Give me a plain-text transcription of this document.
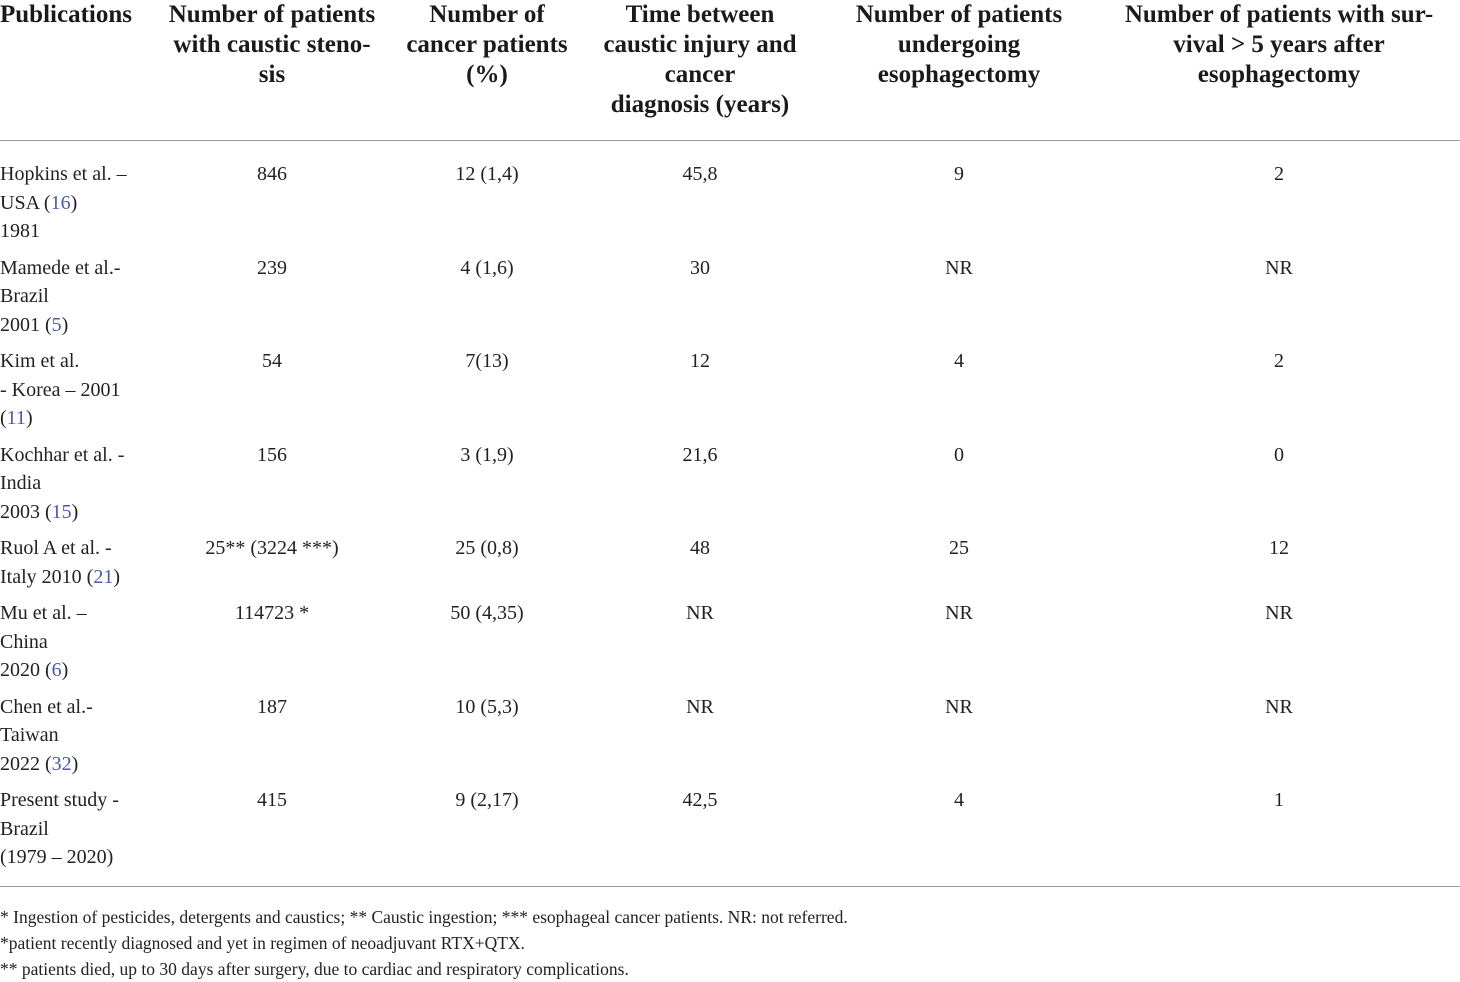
Publications	Number of patients
with caustic steno-
sis	Number of
cancer patients
(%)	Time between
caustic injury and
cancer
diagnosis (years)	Number of patients
undergoing
esophagectomy	Number of patients with sur-
vival > 5 years after
esophagectomy

Hopkins et al. –
USA (16)
1981	846	12 (1,4)	45,8	9	2

Mamede et al.-
Brazil
2001 (5)	239	4 (1,6)	30	NR	NR

Kim et al.
- Korea – 2001
(11)	54	7(13)	12	4	2

Kochhar et al. -
India
2003 (15)	156	3 (1,9)	21,6	0	0

Ruol A et al. -
Italy 2010 (21)	25** (3224 ***)	25 (0,8)	48	25	12

Mu et al. –
China
2020 (6)	114723 *	50 (4,35)	NR	NR	NR

Chen et al.-
Taiwan
2022 (32)	187	10 (5,3)	NR	NR	NR

Present study -
Brazil
(1979 – 2020)	415	9 (2,17)	42,5	4	1
* Ingestion of pesticides, detergents and caustics; ** Caustic ingestion; *** esophageal cancer patients. NR: not referred.
*patient recently diagnosed and yet in regimen of neoadjuvant RTX+QTX.
** patients died, up to 30 days after surgery, due to cardiac and respiratory complications.
